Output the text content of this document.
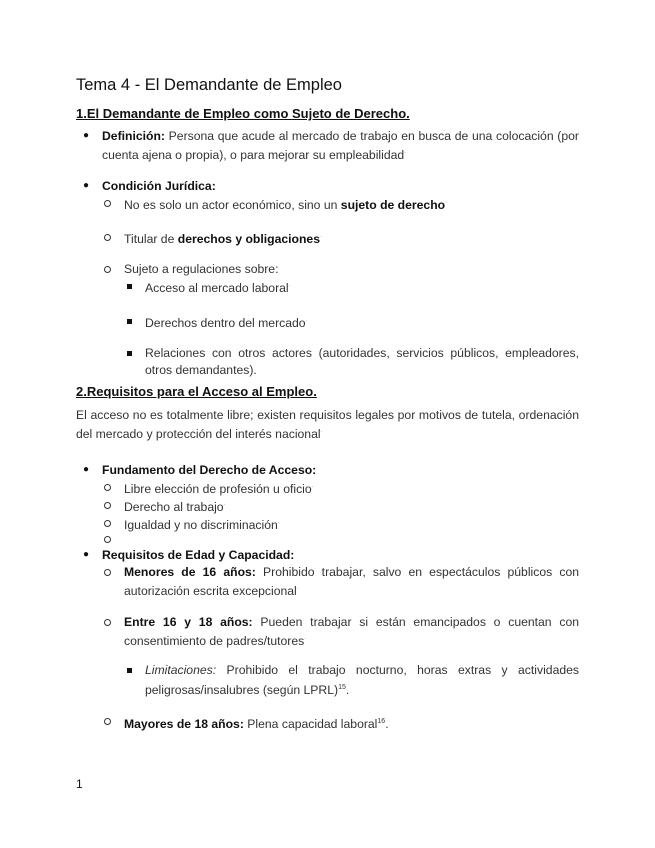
Tema 4 - El Demandante de Empleo
1.El Demandante de Empleo como Sujeto de Derecho.
● Definición: Persona que acude al mercado de trabajo en busca de una colocación (por
cuenta ajena o propia), o para mejorar su empleabilidad·
● Condición Jurídica:
No es solo un actor económico, sino un sujeto de derecho·
Titular de derechos y obligaciones·
Sujeto a regulaciones sobre:
Acceso al mercado laboral·
Derechos dentro del mercado·
Relaciones con otros actores (autoridades, servicios públicos, empleadores,
otros demandantes).
2.Requisitos para el Acceso al Empleo.
El acceso no es totalmente libre; existen requisitos legales por motivos de tutela, ordenación
del mercado y protección del interés nacional·
● Fundamento del Derecho de Acceso:
Libre elección de profesión u oficio·
Derecho al trabajo·
Igualdad y no discriminación·
● Requisitos de Edad y Capacidad:
Menores de 16 años: Prohibido trabajar, salvo en espectáculos públicos con
autorización escrita excepcional·
Entre 16 y 18 años: Pueden trabajar si están emancipados o cuentan con
consentimiento de padres/tutores·
Limitaciones: Prohibido el trabajo nocturno, horas extras y actividades
peligrosas/insalubres (según LPRL)$^{15}$.
Mayores de 18 años: Plena capacidad laboral$^{16}$.
1
